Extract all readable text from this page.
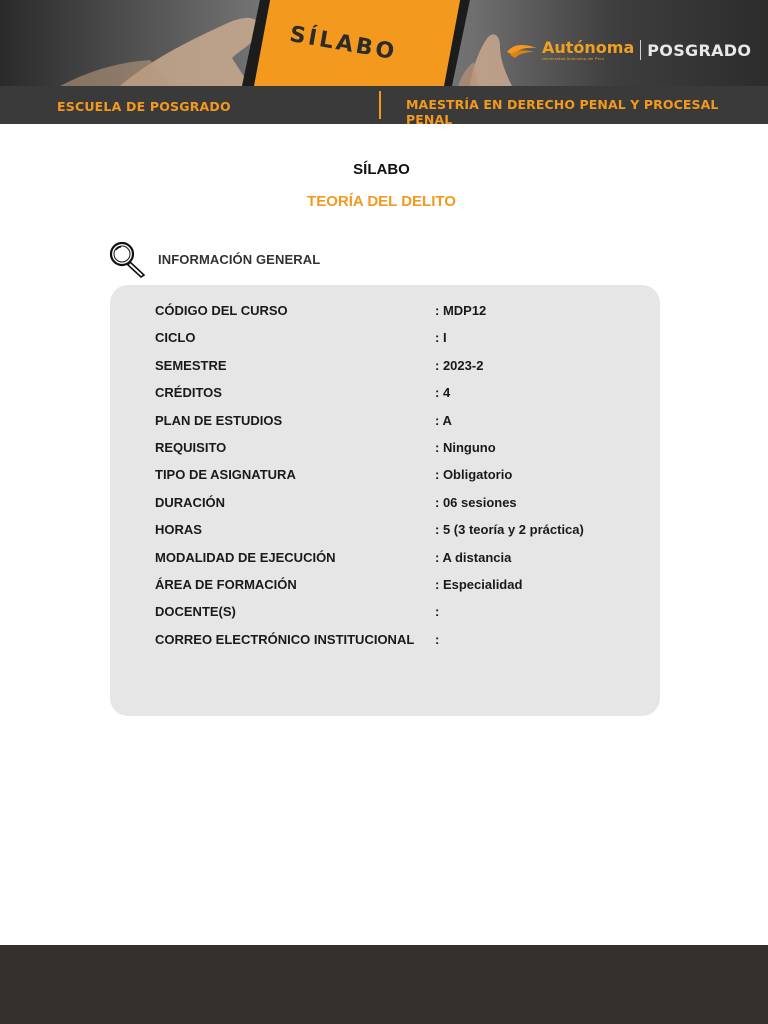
SÍLABO	Autónoma
Universidad Autónoma del Perú	POSGRADO
ESCUELA DE POSGRADO	MAESTRÍA EN DERECHO PENAL Y PROCESAL PENAL
SÍLABO
TEORÍA DEL DELITO
INFORMACIÓN GENERAL
CÓDIGO DEL CURSO	: MDP12
CICLO	: I
SEMESTRE	: 2023-2
CRÉDITOS	: 4
PLAN DE ESTUDIOS	: A
REQUISITO	: Ninguno
TIPO DE ASIGNATURA	: Obligatorio
DURACIÓN	: 06 sesiones
HORAS	: 5 (3 teoría y 2 práctica)
MODALIDAD DE EJECUCIÓN	: A distancia
ÁREA DE FORMACIÓN	: Especialidad
DOCENTE(S)	:
CORREO ELECTRÓNICO INSTITUCIONAL :
